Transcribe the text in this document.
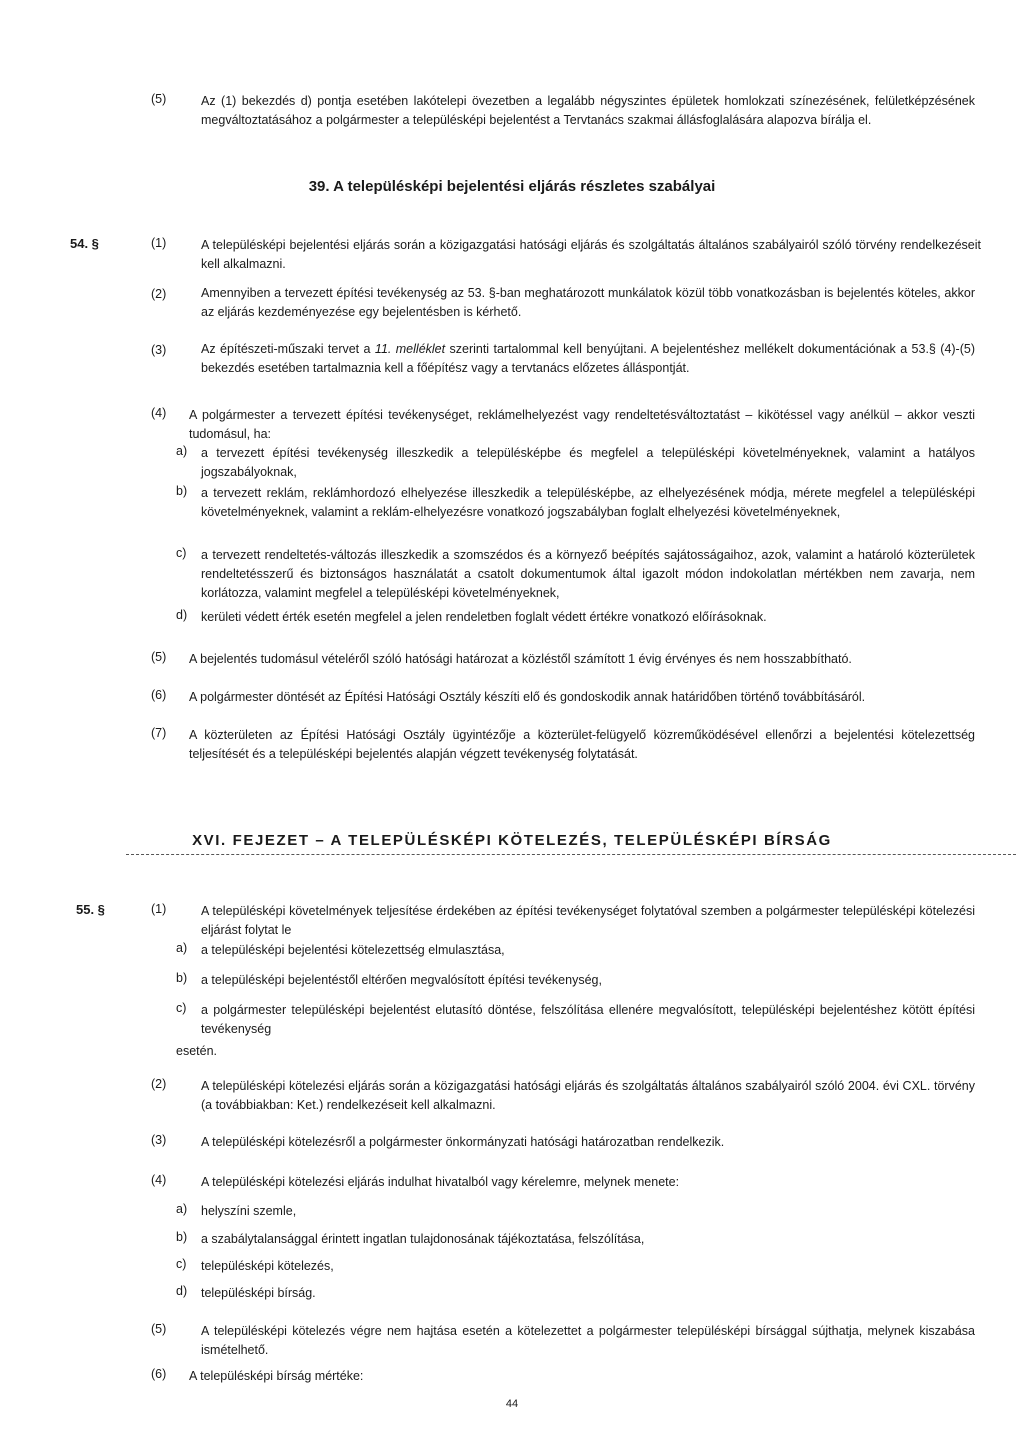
(5)	Az (1) bekezdés d) pontja esetében lakótelepi övezetben a legalább négyszintes épületek homlokzati színezésének, felületképzésének megváltoztatásához a polgármester a településképi bejelentést a Tervtanács szakmai állásfoglalására alapozva bírálja el.
39. A településképi bejelentési eljárás részletes szabályai
54. §	(1)	A településképi bejelentési eljárás során a közigazgatási hatósági eljárás és szolgáltatás általános szabályairól szóló törvény rendelkezéseit kell alkalmazni.
(2)	Amennyiben a tervezett építési tevékenység az 53. §-ban meghatározott munkálatok közül több vonatkozásban is bejelentés köteles, akkor az eljárás kezdeményezése egy bejelentésben is kérhető.
(3)	Az építészeti-műszaki tervet a 11. melléklet szerinti tartalommal kell benyújtani. A bejelentéshez mellékelt dokumentációnak a 53.§ (4)-(5) bekezdés esetében tartalmaznia kell a főépítész vagy a tervtanács előzetes álláspontját.
(4) A polgármester a tervezett építési tevékenységet, reklámelhelyezést vagy rendeltetésváltoztatást – kikötéssel vagy anélkül – akkor veszti tudomásul, ha:
a) a tervezett építési tevékenység illeszkedik a településképbe és megfelel a településképi követelményeknek, valamint a hatályos jogszabályoknak,
b) a tervezett reklám, reklámhordozó elhelyezése illeszkedik a településképbe, az elhelyezésének módja, mérete megfelel a településképi követelményeknek, valamint a reklám-elhelyezésre vonatkozó jogszabályban foglalt elhelyezési követelményeknek,
c) a tervezett rendeltetés-változás illeszkedik a szomszédos és a környező beépítés sajátosságaihoz, azok, valamint a határoló közterületek rendeltetésszerű és biztonságos használatát a csatolt dokumentumok által igazolt módon indokolatlan mértékben nem zavarja, nem korlátozza, valamint megfelel a településképi követelményeknek,
d) kerületi védett érték esetén megfelel a jelen rendeletben foglalt védett értékre vonatkozó előírásoknak.
(5) A bejelentés tudomásul vételéről szóló hatósági határozat a közléstől számított 1 évig érvényes és nem hosszabbítható.
(6) A polgármester döntését az Építési Hatósági Osztály készíti elő és gondoskodik annak határidőben történő továbbításáról.
(7) A közterületen az Építési Hatósági Osztály ügyintézője a közterület-felügyelő közreműködésével ellenőrzi a bejelentési kötelezettség teljesítését és a településképi bejelentés alapján végzett tevékenység folytatását.
XVI. FEJEZET – A TELEPÜLÉSKÉPI KÖTELEZÉS, TELEPÜLÉSKÉPI BÍRSÁG
55. §	(1)	A településképi követelmények teljesítése érdekében az építési tevékenységet folytatóval szemben a polgármester településképi kötelezési eljárást folytat le
a) a településképi bejelentési kötelezettség elmulasztása,
b) a településképi bejelentéstől eltérően megvalósított építési tevékenység,
c) a polgármester településképi bejelentést elutasító döntése, felszólítása ellenére megvalósított, településképi bejelentéshez kötött építési tevékenység
esetén.
(2)	A településképi kötelezési eljárás során a közigazgatási hatósági eljárás és szolgáltatás általános szabályairól szóló 2004. évi CXL. törvény (a továbbiakban: Ket.) rendelkezéseit kell alkalmazni.
(3)	A településképi kötelezésről a polgármester önkormányzati hatósági határozatban rendelkezik.
(4)	A településképi kötelezési eljárás indulhat hivatalból vagy kérelemre, melynek menete:
a) helyszíni szemle,
b) a szabálytalansággal érintett ingatlan tulajdonosának tájékoztatása, felszólítása,
c) településképi kötelezés,
d) településképi bírság.
(5)	A településképi kötelezés végre nem hajtása esetén a kötelezettet a polgármester településképi bírsággal sújthatja, melynek kiszabása ismételhető.
(6) A településképi bírság mértéke:
44
